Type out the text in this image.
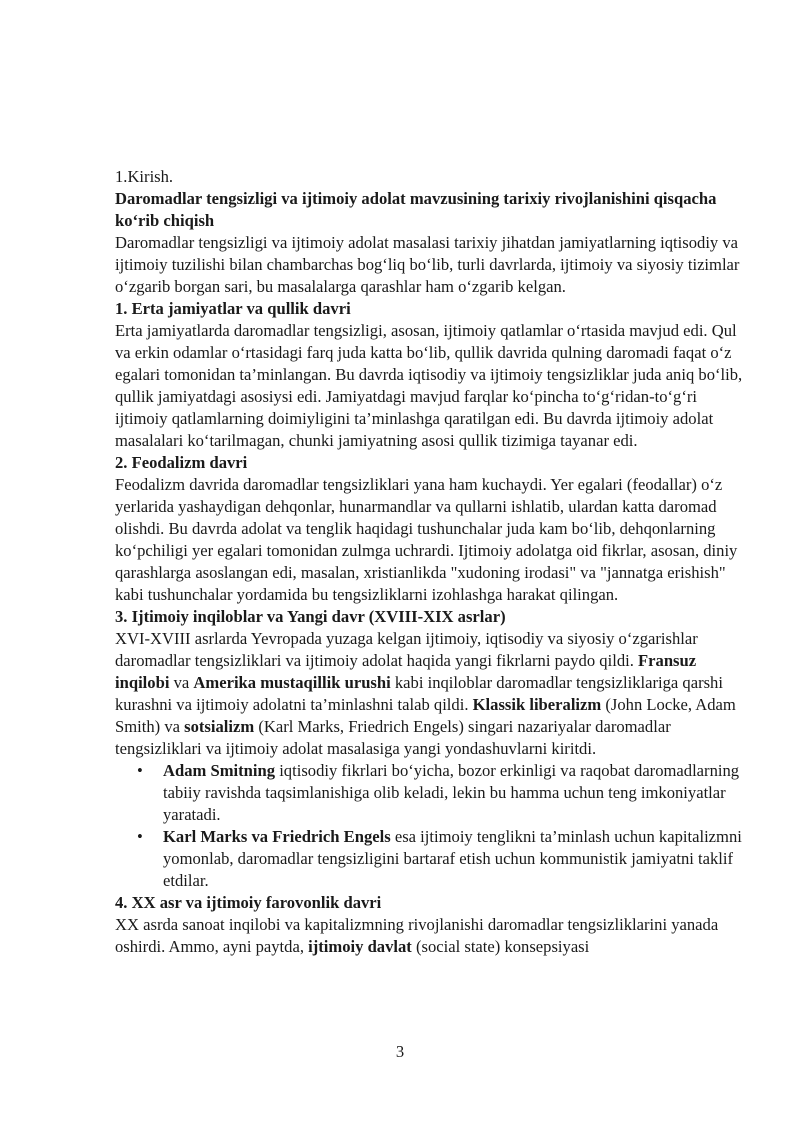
1.Kirish.

Daromadlar tengsizligi va ijtimoiy adolat mavzusining tarixiy rivojlanishini qisqacha ko‘rib chiqish

Daromadlar tengsizligi va ijtimoiy adolat masalasi tarixiy jihatdan jamiyatlarning iqtisodiy va ijtimoiy tuzilishi bilan chambarchas bog‘liq bo‘lib, turli davrlarda, ijtimoiy va siyosiy tizimlar o‘zgarib borgan sari, bu masalalarga qarashlar ham o‘zgarib kelgan.

1. Erta jamiyatlar va qullik davri

Erta jamiyatlarda daromadlar tengsizligi, asosan, ijtimoiy qatlamlar o‘rtasida mavjud edi. Qul va erkin odamlar o‘rtasidagi farq juda katta bo‘lib, qullik davrida qulning daromadi faqat o‘z egalari tomonidan ta’minlangan. Bu davrda iqtisodiy va ijtimoiy tengsizliklar juda aniq bo‘lib, qullik jamiyatdagi asosiysi edi. Jamiyatdagi mavjud farqlar ko‘pincha to‘g‘ridan-to‘g‘ri ijtimoiy qatlamlarning doimiyligini ta’minlashga qaratilgan edi. Bu davrda ijtimoiy adolat masalalari ko‘tarilmagan, chunki jamiyatning asosi qullik tizimiga tayanar edi.

2. Feodalizm davri

Feodalizm davrida daromadlar tengsizliklari yana ham kuchaydi. Yer egalari (feodallar) o‘z yerlarida yashaydigan dehqonlar, hunarmandlar va qullarni ishlatib, ulardan katta daromad olishdi. Bu davrda adolat va tenglik haqidagi tushunchalar juda kam bo‘lib, dehqonlarning ko‘pchiligi yer egalari tomonidan zulmga uchrardi. Ijtimoiy adolatga oid fikrlar, asosan, diniy qarashlarga asoslangan edi, masalan, xristianlikda "xudoning irodasi" va "jannatga erishish" kabi tushunchalar yordamida bu tengsizliklarni izohlashga harakat qilingan.

3. Ijtimoiy inqiloblar va Yangi davr (XVIII-XIX asrlar)

XVI-XVIII asrlarda Yevropada yuzaga kelgan ijtimoiy, iqtisodiy va siyosiy o‘zgarishlar daromadlar tengsizliklari va ijtimoiy adolat haqida yangi fikrlarni paydo qildi. Fransuz inqilobi va Amerika mustaqillik urushi kabi inqiloblar daromadlar tengsizliklariga qarshi kurashni va ijtimoiy adolatni ta’minlashni talab qildi. Klassik liberalizm (John Locke, Adam Smith) va sotsializm (Karl Marks, Friedrich Engels) singari nazariyalar daromadlar tengsizliklari va ijtimoiy adolat masalasiga yangi yondashuvlarni kiritdi.

• Adam Smitning iqtisodiy fikrlari bo‘yicha, bozor erkinligi va raqobat daromadlarning tabiiy ravishda taqsimlanishiga olib keladi, lekin bu hamma uchun teng imkoniyatlar yaratadi.
• Karl Marks va Friedrich Engels esa ijtimoiy tenglikni ta’minlash uchun kapitalizmni yomonlab, daromadlar tengsizligini bartaraf etish uchun kommunistik jamiyatni taklif etdilar.

4. XX asr va ijtimoiy farovonlik davri

XX asrda sanoat inqilobi va kapitalizmning rivojlanishi daromadlar tengsizliklarini yanada oshirdi. Ammo, ayni paytda, ijtimoiy davlat (social state) konsepsiyasi

3
